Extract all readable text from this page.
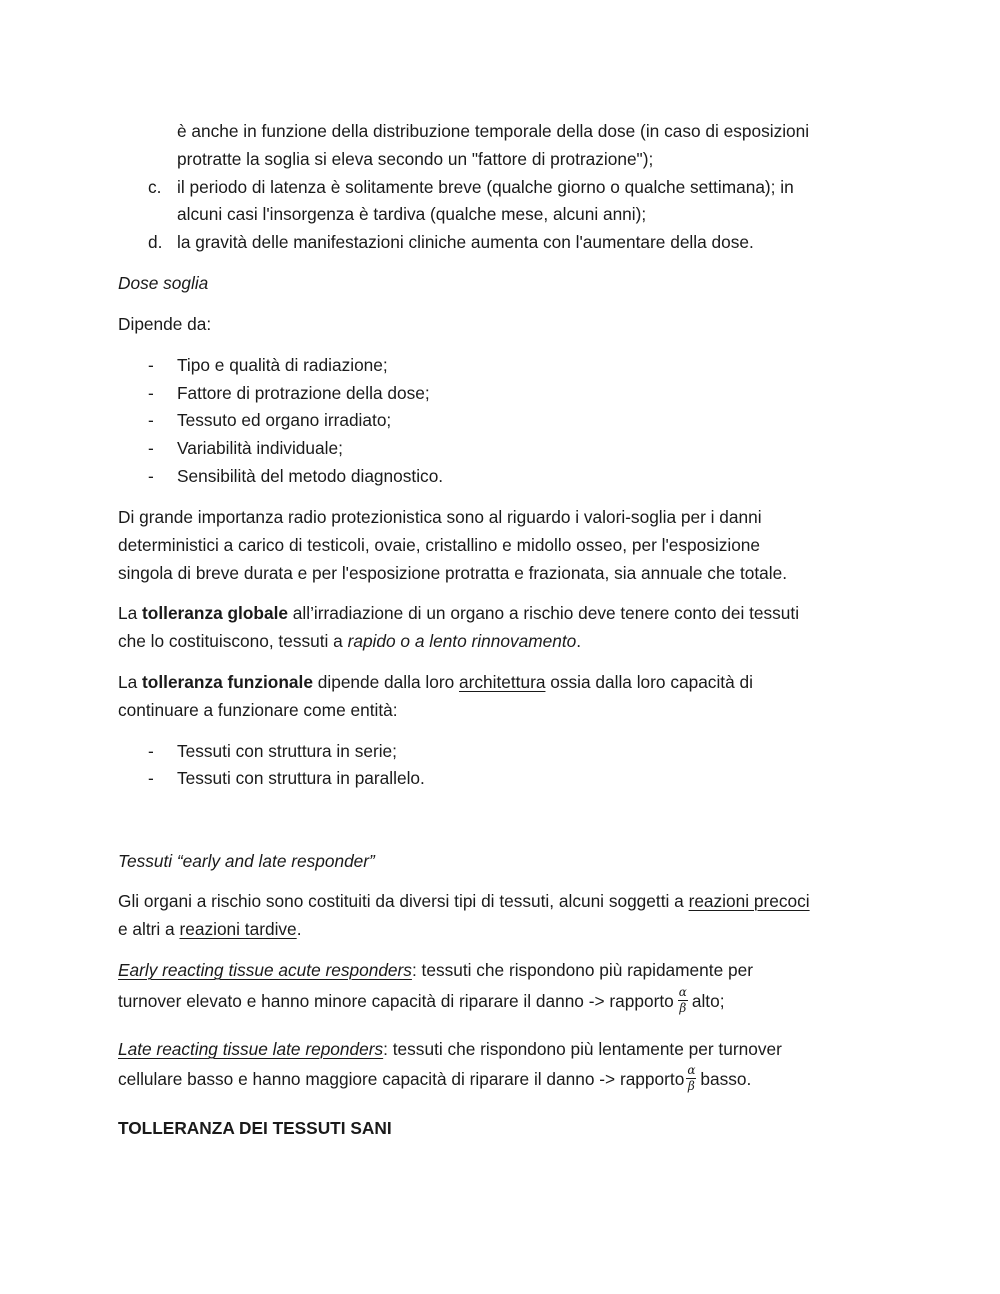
è anche in funzione della distribuzione temporale della dose (in caso di esposizioni
protratte la soglia si eleva secondo un "fattore di protrazione");
c. il periodo di latenza è solitamente breve (qualche giorno o qualche settimana); in
alcuni casi l'insorgenza è tardiva (qualche mese, alcuni anni);
d. la gravità delle manifestazioni cliniche aumenta con l'aumentare della dose.
Dose soglia
Dipende da:
- Tipo e qualità di radiazione;
- Fattore di protrazione della dose;
- Tessuto ed organo irradiato;
- Variabilità individuale;
- Sensibilità del metodo diagnostico.
Di grande importanza radio protezionistica sono al riguardo i valori-soglia per i danni
deterministici a carico di testicoli, ovaie, cristallino e midollo osseo, per l'esposizione
singola di breve durata e per l'esposizione protratta e frazionata, sia annuale che totale.
La tolleranza globale all’irradiazione di un organo a rischio deve tenere conto dei tessuti
che lo costituiscono, tessuti a rapido o a lento rinnovamento.
La tolleranza funzionale dipende dalla loro architettura ossia dalla loro capacità di
continuare a funzionare come entità:
- Tessuti con struttura in serie;
- Tessuti con struttura in parallelo.
Tessuti “early and late responder”
Gli organi a rischio sono costituiti da diversi tipi di tessuti, alcuni soggetti a reazioni precoci
e altri a reazioni tardive.
Early reacting tissue acute responders: tessuti che rispondono più rapidamente per
turnover elevato e hanno minore capacità di riparare il danno -> rapporto $\frac{\alpha}{\beta}$ alto;
Late reacting tissue late reponders: tessuti che rispondono più lentamente per turnover
cellulare basso e hanno maggiore capacità di riparare il danno -> rapporto $\frac{\alpha}{\beta}$ basso.
TOLLERANZA DEI TESSUTI SANI
